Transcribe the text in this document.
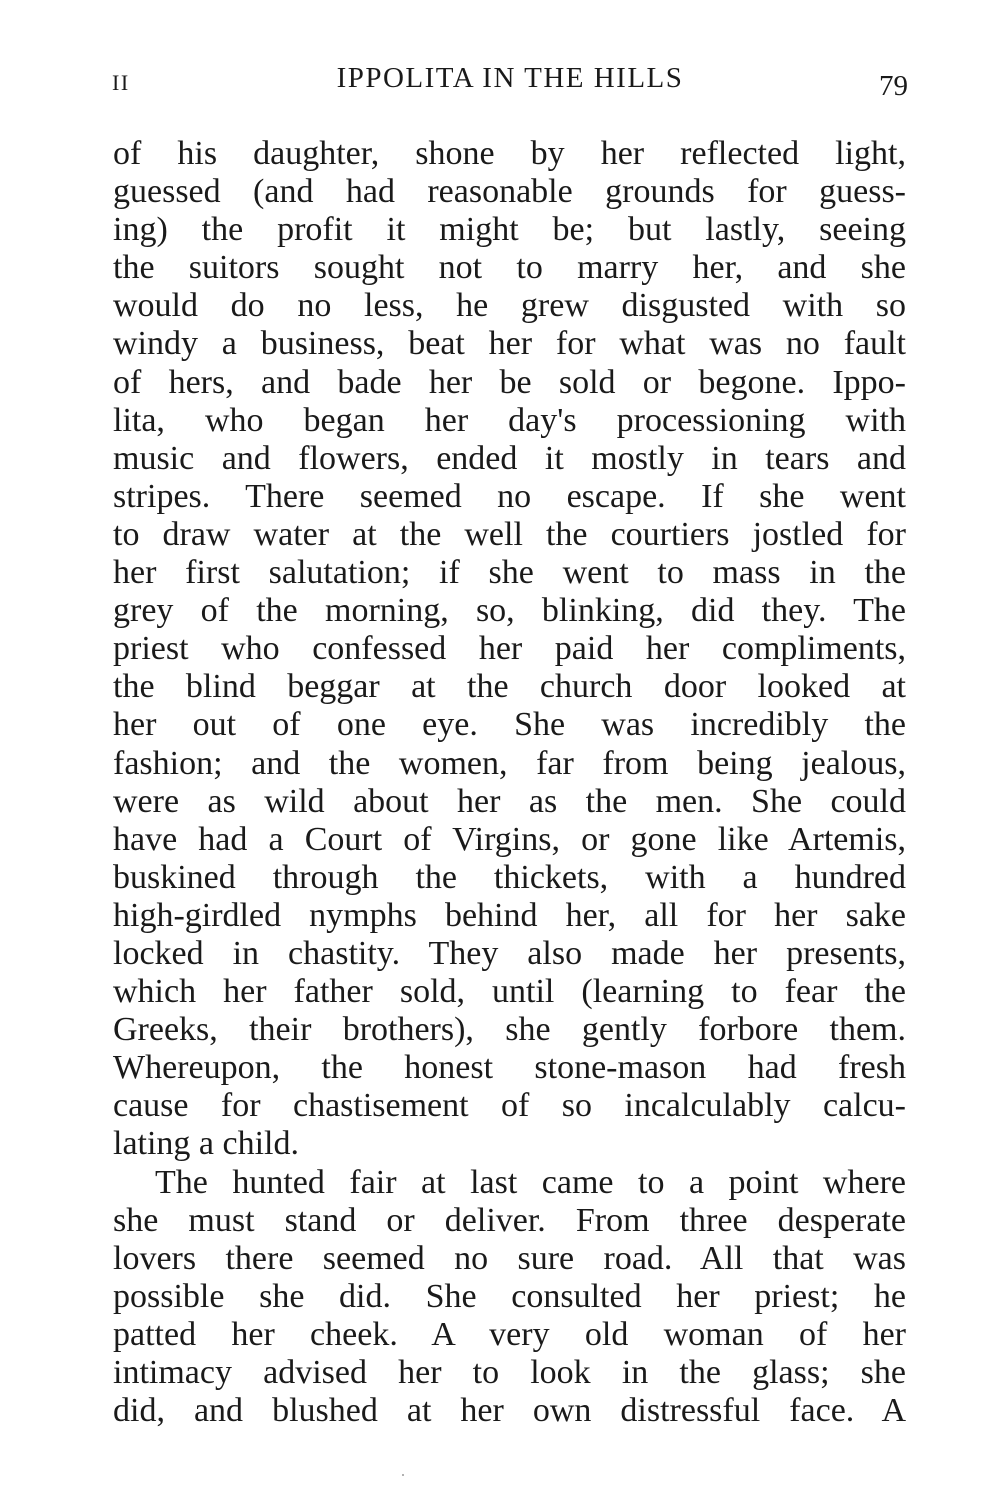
II	IPPOLITA IN THE HILLS	79
of his daughter, shone by her reflected light,
guessed (and had reasonable grounds for guess-
ing) the profit it might be; but lastly, seeing
the suitors sought not to marry her, and she
would do no less, he grew disgusted with so
windy a business, beat her for what was no fault
of hers, and bade her be sold or begone. Ippo-
lita, who began her day's processioning with
music and flowers, ended it mostly in tears and
stripes. There seemed no escape. If she went
to draw water at the well the courtiers jostled for
her first salutation; if she went to mass in the
grey of the morning, so, blinking, did they. The
priest who confessed her paid her compliments,
the blind beggar at the church door looked at
her out of one eye. She was incredibly the
fashion; and the women, far from being jealous,
were as wild about her as the men. She could
have had a Court of Virgins, or gone like Artemis,
buskined through the thickets, with a hundred
high-girdled nymphs behind her, all for her sake
locked in chastity. They also made her presents,
which her father sold, until (learning to fear the
Greeks, their brothers), she gently forbore them.
Whereupon, the honest stone-mason had fresh
cause for chastisement of so incalculably calcu-
lating a child.
The hunted fair at last came to a point where
she must stand or deliver. From three desperate
lovers there seemed no sure road. All that was
possible she did. She consulted her priest; he
patted her cheek. A very old woman of her
intimacy advised her to look in the glass; she
did, and blushed at her own distressful face. A
